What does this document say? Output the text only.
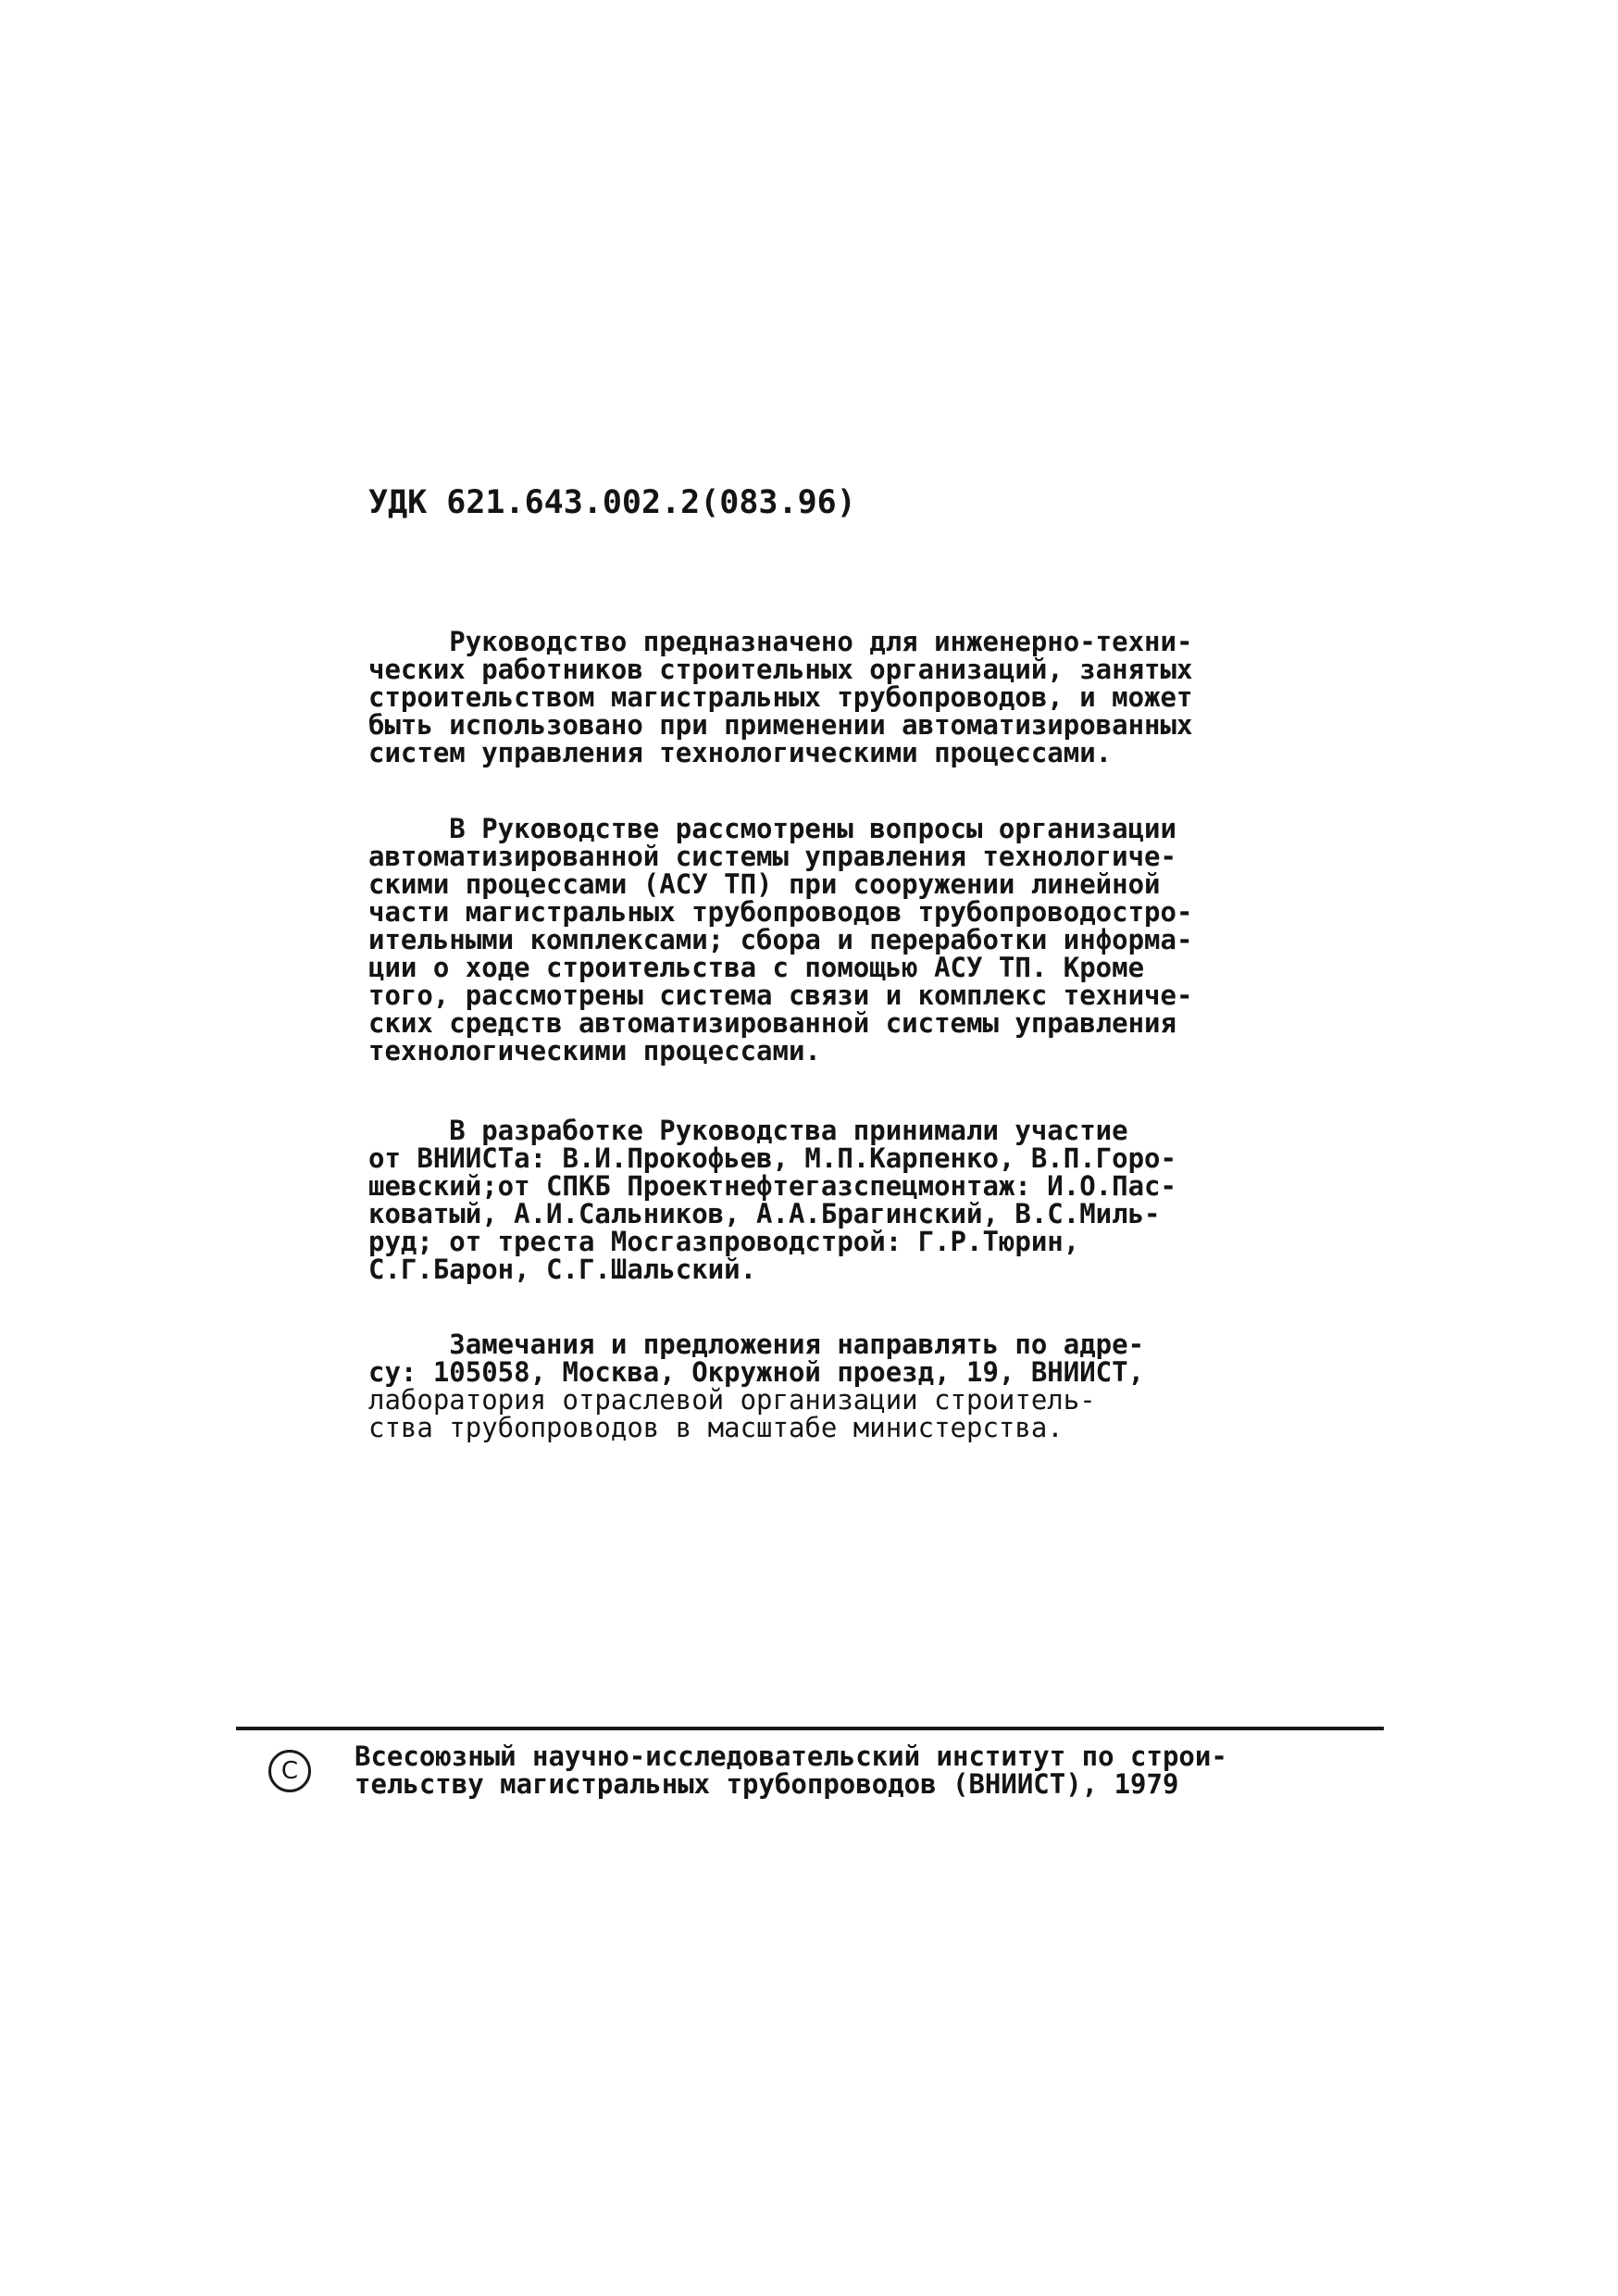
УДК 621.643.002.2(083.96)
Руководство предназначено для инженерно-техни-
ческих работников строительных организаций, занятых
строительством магистральных трубопроводов, и может
быть использовано при применении автоматизированных
систем управления технологическими процессами.
В Руководстве рассмотрены вопросы организации
автоматизированной системы управления технологиче-
скими процессами (АСУ ТП) при сооружении линейной
части магистральных трубопроводов трубопроводостро-
ительными комплексами; сбора и переработки информа-
ции о ходе строительства с помощью АСУ ТП. Кроме
того, рассмотрены система связи и комплекс техниче-
ских средств автоматизированной системы управления
технологическими процессами.
В разработке Руководства принимали участие
от ВНИИСТа: В.И.Прокофьев, М.П.Карпенко, В.П.Горо-
шевский;от СПКБ Проектнефтегазспецмонтаж: И.О.Пас-
коватый, А.И.Сальников, А.А.Брагинский, В.С.Миль-
руд; от треста Мосгазпроводстрой: Г.Р.Тюрин,
С.Г.Барон, С.Г.Шальский.
Замечания и предложения направлять по адре-
су: 105058, Москва, Окружной проезд, 19, ВНИИСТ,
лаборатория отраслевой организации строитель-
ства трубопроводов в масштабе министерства.
C	Всесоюзный научно-исследовательский институт по строи-
тельству магистральных трубопроводов (ВНИИСТ), 1979
